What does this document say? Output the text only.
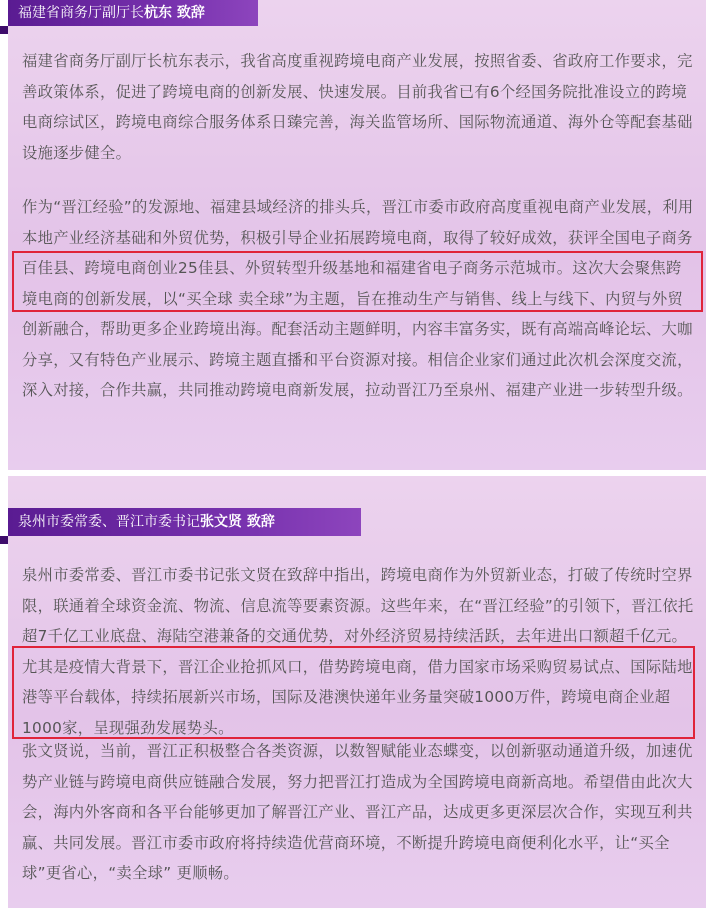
福建省商务厅副厅长杭东 致辞

福建省商务厅副厅长杭东表示，我省高度重视跨境电商产业发展，按照省委、省政府工作要求，完善政策体系，促进了跨境电商的创新发展、快速发展。目前我省已有6个经国务院批准设立的跨境电商综试区，跨境电商综合服务体系日臻完善，海关监管场所、国际物流通道、海外仓等配套基础设施逐步健全。

作为“晋江经验”的发源地、福建县域经济的排头兵，晋江市委市政府高度重视电商产业发展，利用本地产业经济基础和外贸优势，积极引导企业拓展跨境电商，取得了较好成效，获评全国电子商务百佳县、跨境电商创业25佳县、外贸转型升级基地和福建省电子商务示范城市。这次大会聚焦跨境电商的创新发展，以“买全球 卖全球”为主题，旨在推动生产与销售、线上与线下、内贸与外贸创新融合，帮助更多企业跨境出海。配套活动主题鲜明，内容丰富务实，既有高端高峰论坛、大咖分享，又有特色产业展示、跨境主题直播和平台资源对接。相信企业家们通过此次机会深度交流，深入对接，合作共赢，共同推动跨境电商新发展，拉动晋江乃至泉州、福建产业进一步转型升级。

泉州市委常委、晋江市委书记张文贤 致辞

泉州市委常委、晋江市委书记张文贤在致辞中指出，跨境电商作为外贸新业态，打破了传统时空界限，联通着全球资金流、物流、信息流等要素资源。这些年来，在“晋江经验”的引领下，晋江依托超7千亿工业底盘、海陆空港兼备的交通优势，对外经济贸易持续活跃，去年进出口额超千亿元。尤其是疫情大背景下，晋江企业抢抓风口，借势跨境电商，借力国家市场采购贸易试点、国际陆地港等平台载体，持续拓展新兴市场，国际及港澳快递年业务量突破1000万件，跨境电商企业超1000家，呈现强劲发展势头。

张文贤说，当前，晋江正积极整合各类资源，以数智赋能业态蝶变，以创新驱动通道升级，加速优势产业链与跨境电商供应链融合发展，努力把晋江打造成为全国跨境电商新高地。希望借由此次大会，海内外客商和各平台能够更加了解晋江产业、晋江产品，达成更多更深层次合作，实现互利共赢、共同发展。晋江市委市政府将持续造优营商环境，不断提升跨境电商便利化水平，让“买全球”更省心，“卖全球” 更顺畅。
